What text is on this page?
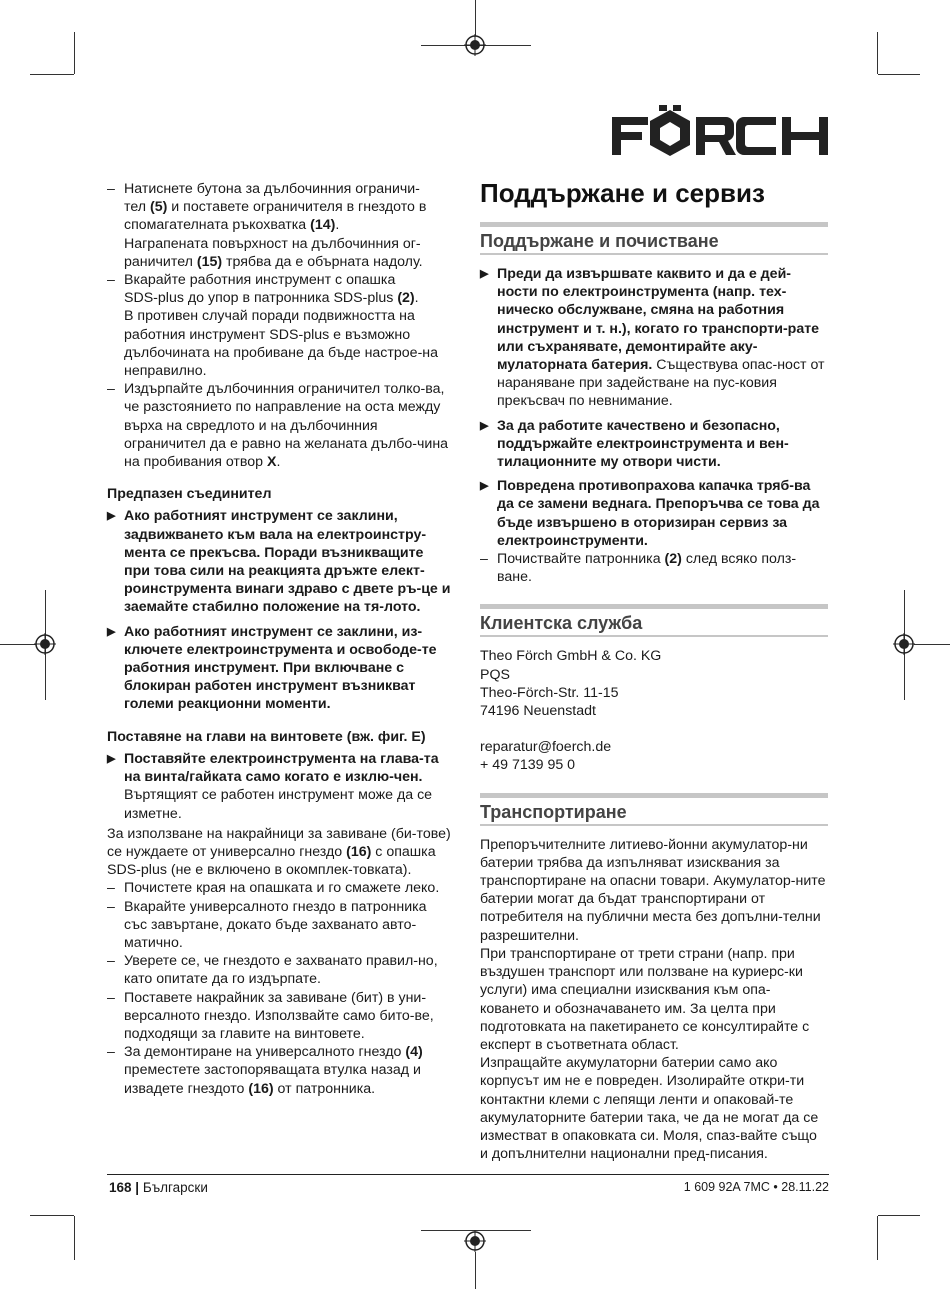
FÖRCH
– Натиснете бутона за дълбочинния ограничи-
тел (5) и поставете ограничителя в гнездото в
спомагателната ръкохватка (14).
Награпената повърхност на дълбочинния ог-
раничител (15) трябва да е обърната надолу.
– Вкарайте работния инструмент с опашка
SDS-plus до упор в патронника SDS-plus (2).
В противен случай поради подвижността на работния инструмент SDS-plus е възможно дълбочината на пробиване да бъде настрое-на неправилно.
– Издърпайте дълбочинния ограничител толко-ва, че разстоянието по направление на оста между върха на свредлото и на дълбочинния ограничител да е равно на желаната дълбо-чина на пробивания отвор X.
Предпазен съединител
▶ Ако работният инструмент се заклини, задвижването към вала на електроинстру-мента се прекъсва. Поради възникващите при това сили на реакцията дръжте елект-роинструмента винаги здраво с двете ръ-це и заемайте стабилно положение на тя-лото.
▶ Ако работният инструмент се заклини, из-ключете електроинструмента и освободе-те работния инструмент. При включване с блокиран работен инструмент възникват големи реакционни моменти.
Поставяне на глави на винтовете (вж. фиг. E)
▶ Поставяйте електроинструмента на глава-та на винта/гайката само когато е изклю-чен. Въртящият се работен инструмент може да се изметне.

За използване на накрайници за завиване (би-тове) се нуждаете от универсално гнездо (16) с опашка SDS-plus (не е включено в окомплек-товката).

– Почистете края на опашката и го смажете леко.
– Вкарайте универсалното гнездо в патронника със завъртане, докато бъде захванато авто-матично.
– Уверете се, че гнездото е захванато правил-но, като опитате да го издърпате.
– Поставете накрайник за завиване (бит) в уни-версалното гнездо. Използвайте само бито-ве, подходящи за главите на винтовете.
– За демонтиране на универсалното гнездо (4) преместете застопоряващата втулка назад и извадете гнездото (16) от патронника.
Поддържане и сервиз
Поддържане и почистване
▶ Преди да извършвате каквито и да е дей-ности по електроинструмента (напр. тех-ническо обслужване, смяна на работния инструмент и т. н.), когато го транспорти-рате или съхранявате, демонтирайте аку-мулаторната батерия. Съществува опас-ност от нараняване при задействане на пус-ковия прекъсвач по невнимание.
▶ За да работите качествено и безопасно, поддържайте електроинструмента и вен-тилационните му отвори чисти.
▶ Повредена противопрахова капачка тряб-ва да се замени веднага. Препоръчва се това да бъде извършено в оторизиран сервиз за електроинструменти.
– Почиствайте патронника (2) след всяко полз-ване.
Клиентска служба
Theo Förch GmbH & Co. KG
PQS
Theo-Förch-Str. 11-15
74196 Neuenstadt
reparatur@foerch.de
+ 49 7139 95 0
Транспортиране

Препоръчителните литиево-йонни акумулатор-ни батерии трябва да изпълняват изисквания за транспортиране на опасни товари. Акумулатор-ните батерии могат да бъдат транспортирани от потребителя на публични места без допълни-телни разрешителни.

При транспортиране от трети страни (напр. при въздушен транспорт или ползване на куриерс-ки услуги) има специални изисквания към опа-коването и обозначаването им. За целта при подготовката на пакетирането се консултирайте с експерт в съответната област.

Изпращайте акумулаторни батерии само ако корпусът им не е повреден. Изолирайте откри-ти контактни клеми с лепящи ленти и опаковай-те акумулаторните батерии така, че да не могат да се изместват в опаковката си. Моля, спаз-вайте също и допълнителни национални пред-писания.

168 | Български	1 609 92A 7MC • 28.11.22
